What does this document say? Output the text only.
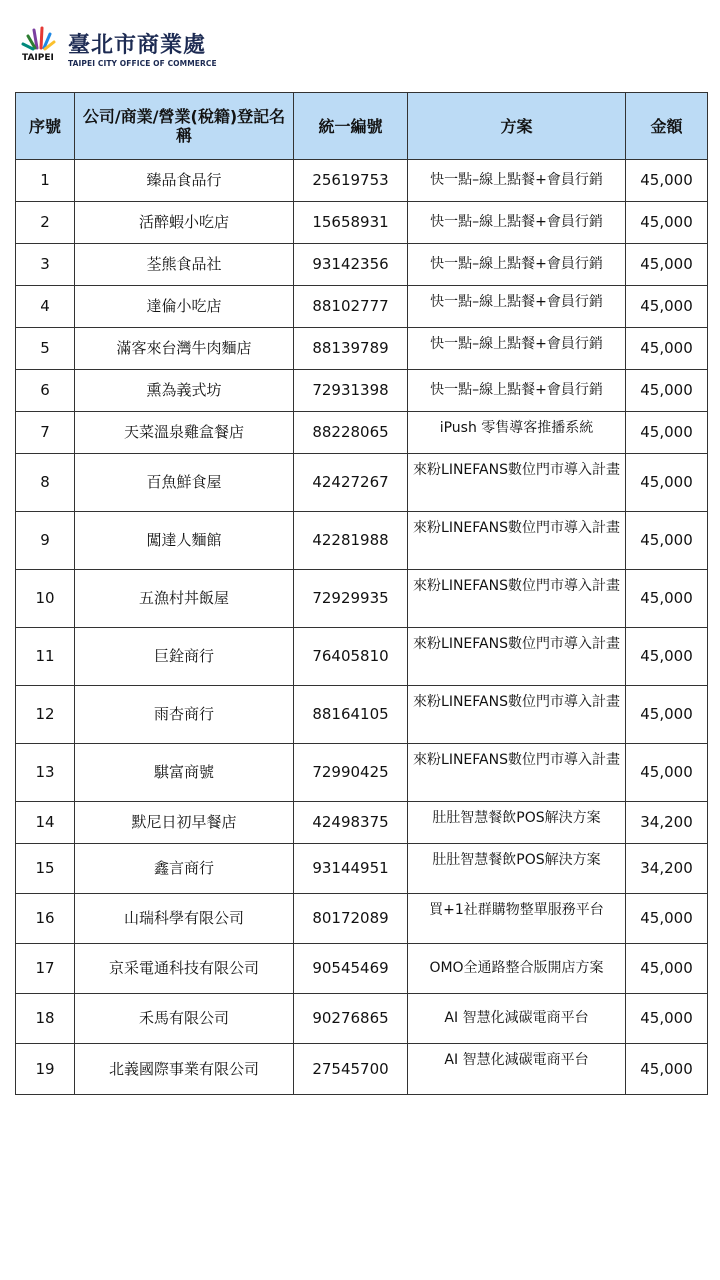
TAIPEI 臺北市商業處
TAIPEI CITY OFFICE OF COMMERCE
序號	公司/商業/營業(稅籍)登記名稱	統一編號	方案	金額
1	臻品食品行	25619753	快一點–線上點餐+會員行銷	45,000
2	活醉蝦小吃店	15658931	快一點–線上點餐+會員行銷	45,000
3	荃熊食品社	93142356	快一點–線上點餐+會員行銷	45,000
4	達倫小吃店	88102777	快一點–線上點餐+會員行銷	45,000
5	滿客來台灣牛肉麵店	88139789	快一點–線上點餐+會員行銷	45,000
6	熏為義式坊	72931398	快一點–線上點餐+會員行銷	45,000
7	天菜溫泉雞盒餐店	88228065	iPush 零售導客推播系統	45,000
8	百魚鮮食屋	42427267	來粉LINEFANS數位門市導入計畫	45,000
9	闖達人麵館	42281988	來粉LINEFANS數位門市導入計畫	45,000
10	五漁村丼飯屋	72929935	來粉LINEFANS數位門市導入計畫	45,000
11	巨銓商行	76405810	來粉LINEFANS數位門市導入計畫	45,000
12	雨杏商行	88164105	來粉LINEFANS數位門市導入計畫	45,000
13	騏富商號	72990425	來粉LINEFANS數位門市導入計畫	45,000
14	默尼日初早餐店	42498375	肚肚智慧餐飲POS解決方案	34,200
15	鑫言商行	93144951	肚肚智慧餐飲POS解決方案	34,200
16	山瑞科學有限公司	80172089	買+1社群購物整單服務平台	45,000
17	京采電通科技有限公司	90545469	OMO全通路整合版開店方案	45,000
18	禾馬有限公司	90276865	AI 智慧化減碳電商平台	45,000
19	北義國際事業有限公司	27545700	AI 智慧化減碳電商平台	45,000
